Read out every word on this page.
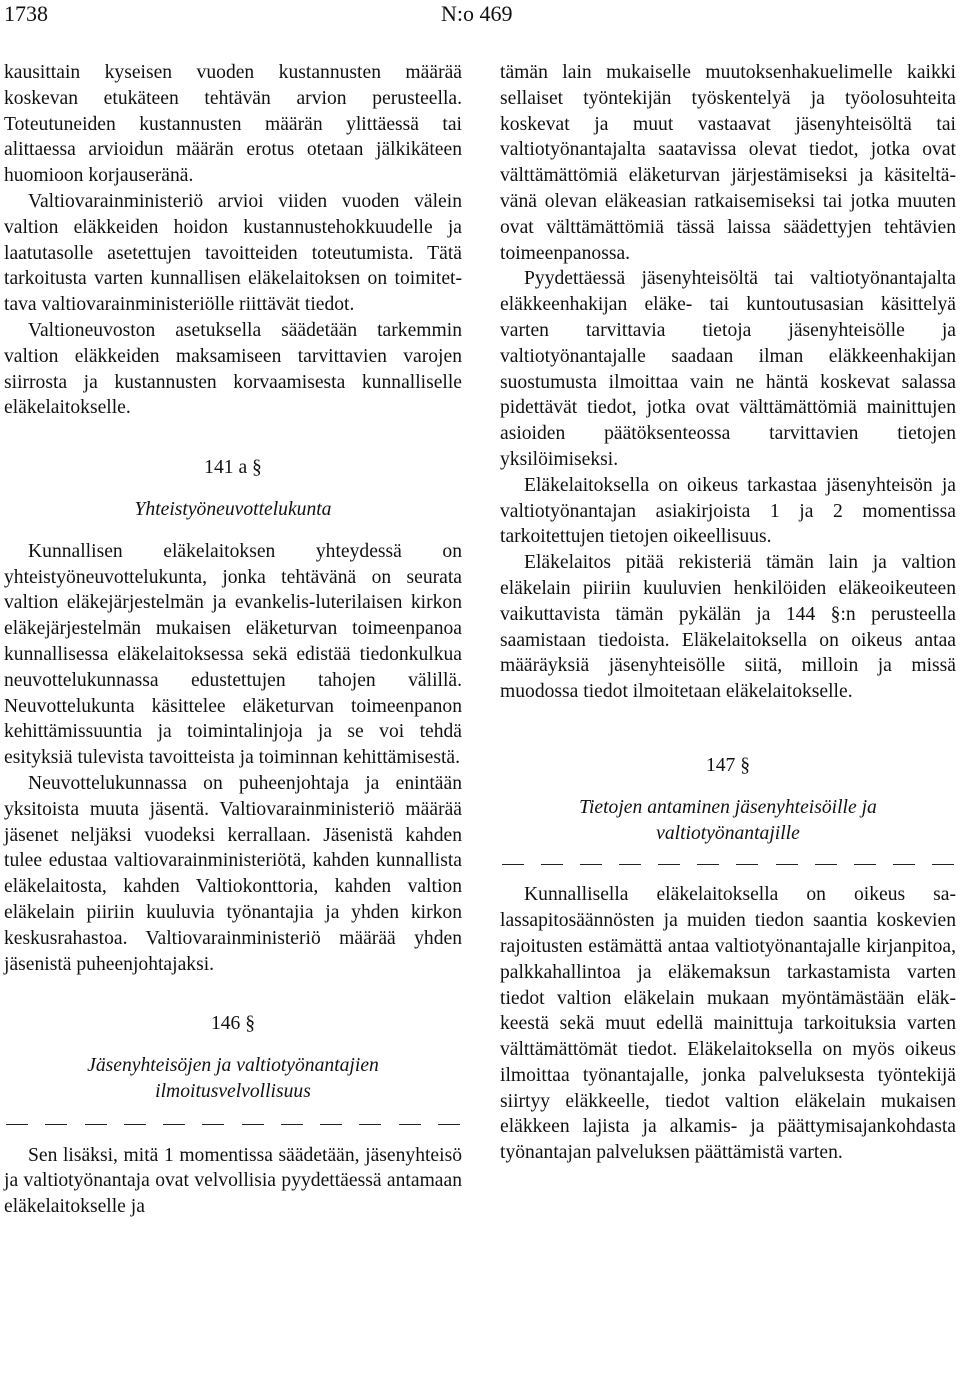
1738	N:o 469

kausittain kyseisen vuoden kustannusten määrää koskevan etukäteen tehtävän arvion perusteella. Toteutuneiden kustannusten määrän ylittäessä tai alittaessa arvioidun määrän erotus otetaan jälkikäteen huomioon korjauseränä.

Valtiovarainministeriö arvioi viiden vuoden välein valtion eläkkeiden hoidon kustannustehokkuudelle ja laatutasolle asetettujen tavoitteiden toteutumista. Tätä tarkoitusta varten kunnallisen eläkelaitoksen on toimitettava valtiovarainministeriölle riittävät tiedot.

Valtioneuvoston asetuksella säädetään tarkemmin valtion eläkkeiden maksamiseen tarvittavien varojen siirrosta ja kustannusten korvaamisesta kunnalliselle eläkelaitokselle.

141 a §
Yhteistyöneuvottelukunta

Kunnallisen eläkelaitoksen yhteydessä on yhteistyöneuvottelukunta, jonka tehtävänä on seurata valtion eläkejärjestelmän ja evankelis-luterilaisen kirkon eläkejärjestelmän mukaisen eläketurvan toimeenpanoa kunnallisessa eläkelaitoksessa sekä edistää tiedonkulkua neuvottelukunnassa edustettujen tahojen välillä. Neuvottelukunta käsittelee eläketurvan toimeenpanon kehittämissuuntia ja toimintalinjoja ja se voi tehdä esityksiä tulevista tavoitteista ja toiminnan kehittämisestä.

Neuvottelukunnassa on puheenjohtaja ja enintään yksitoista muuta jäsentä. Valtiovarainministeriö määrää jäsenet neljäksi vuodeksi kerrallaan. Jäsenistä kahden tulee edustaa valtiovarainministeriötä, kahden kunnallista eläkelaitosta, kahden Valtiokonttoria, kahden valtion eläkelain piiriin kuuluvia työnantajia ja yhden kirkon keskusrahastoa. Valtiovarainministeriö määrää yhden jäsenistä puheenjohtajaksi.

146 §
Jäsenyhteisöjen ja valtiotyönantajien ilmoitusvelvollisuus

Sen lisäksi, mitä 1 momentissa säädetään, jäsenyhteisö ja valtiotyönantaja ovat velvollisia pyydettäessä antamaan eläkelaitokselle ja

tämän lain mukaiselle muutoksenhakuelimelle kaikki sellaiset työntekijän työskentelyä ja työolosuhteita koskevat ja muut vastaavat jäsenyhteisöltä tai valtiotyönantajalta saatavissa olevat tiedot, jotka ovat välttämättömiä eläketurvan järjestämiseksi ja käsiteltävänä olevan eläkeasian ratkaisemiseksi tai jotka muuten ovat välttämättömiä tässä laissa säädettyjen tehtävien toimeenpanossa.

Pyydettäessä jäsenyhteisöltä tai valtiotyönantajalta eläkkeenhakijan eläke- tai kuntoutusasian käsittelyä varten tarvittavia tietoja jäsenyhteisölle ja valtiotyönantajalle saadaan ilman eläkkeenhakijan suostumusta ilmoittaa vain ne häntä koskevat salassa pidettävät tiedot, jotka ovat välttämättömiä mainittujen asioiden päätöksenteossa tarvittavien tietojen yksilöimiseksi.

Eläkelaitoksella on oikeus tarkastaa jäsenyhteisön ja valtiotyönantajan asiakirjoista 1 ja 2 momentissa tarkoitettujen tietojen oikeellisuus.

Eläkelaitos pitää rekisteriä tämän lain ja valtion eläkelain piiriin kuuluvien henkilöiden eläkeoikeuteen vaikuttavista tämän pykälän ja 144 §:n perusteella saamistaan tiedoista. Eläkelaitoksella on oikeus antaa määräyksiä jäsenyhteisölle siitä, milloin ja missä muodossa tiedot ilmoitetaan eläkelaitokselle.

147 §
Tietojen antaminen jäsenyhteisöille ja
valtiotyönantajille

Kunnallisella eläkelaitoksella on oikeus salassapitosäännösten ja muiden tiedon saantia koskevien rajoitusten estämättä antaa valtiotyönantajalle kirjanpitoa, palkkahallintoa ja eläkemaksun tarkastamista varten tiedot valtion eläkelain mukaan myöntämästään eläkkeestä sekä muut edellä mainittuja tarkoituksia varten välttämättömät tiedot. Eläkelaitoksella on myös oikeus ilmoittaa työnantajalle, jonka palveluksesta työntekijä siirtyy eläkkeelle, tiedot valtion eläkelain mukaisen eläkkeen lajista ja alkamis- ja päättymisajankohdasta työnantajan palveluksen päättämistä varten.
